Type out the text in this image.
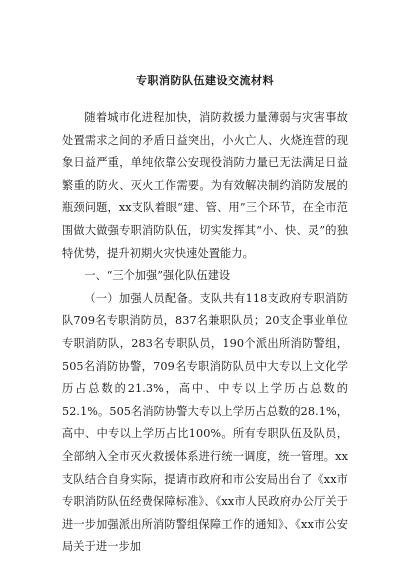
专职消防队伍建设交流材料

随着城市化进程加快，消防救援力量薄弱与灾害事故处置需求之间的矛盾日益突出，小火亡人、火烧连营的现象日益严重，单纯依靠公安现役消防力量已无法满足日益繁重的防火、灭火工作需要。为有效解决制约消防发展的瓶颈问题，xx支队着眼“建、管、用”三个环节，在全市范围做大做强专职消防队伍，切实发挥其“小、快、灵”的独特优势，提升初期火灾快速处置能力。

一、“三个加强”强化队伍建设

（一）加强人员配备。支队共有118支政府专职消防队709名专职消防员，837名兼职队员；20支企事业单位专职消防队，283名专职队员，190个派出所消防警组，505名消防协警，709名专职消防队员中大专以上文化学历占总数的21.3%，高中、中专以上学历占总数的52.1%。505名消防协警大专以上学历占总数的28.1%，高中、中专以上学历占比100%。所有专职队伍及队员，全部纳入全市灭火救援体系进行统一调度，统一管理。xx支队结合自身实际，提请市政府和市公安局出台了《xx市专职消防队伍经费保障标准》、《xx市人民政府办公厅关于进一步加强派出所消防警组保障工作的通知》、《xx市公安局关于进一步加
